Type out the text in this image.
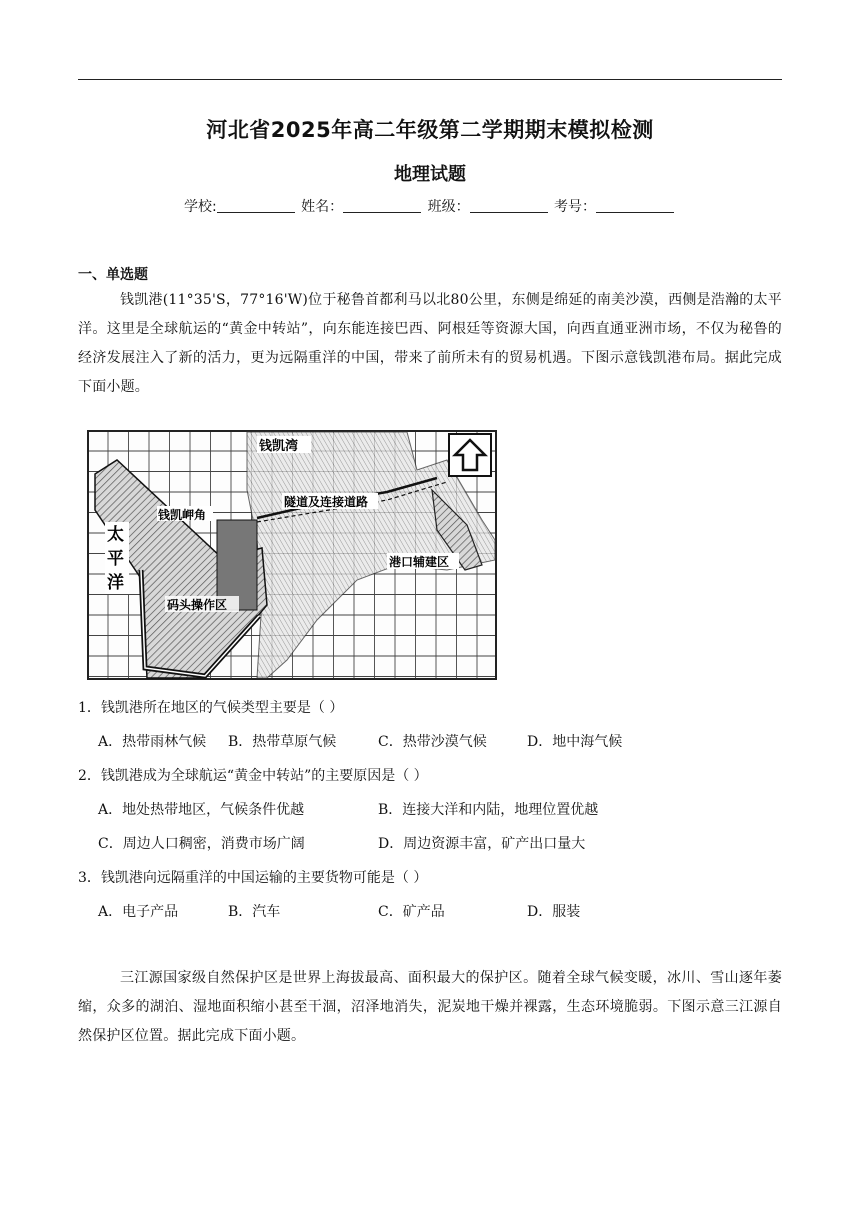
河北省2025年高二年级第二学期期末模拟检测
地理试题
学校:	姓名：	班级：	考号：
一、单选题
钱凯港(11°35'S，77°16'W)位于秘鲁首都利马以北80公里，东侧是绵延的南美沙漠，西侧是浩瀚的太平洋。这里是全球航运的“黄金中转站”，向东能连接巴西、阿根廷等资源大国，向西直通亚洲市场，不仅为秘鲁的经济发展注入了新的活力，更为远隔重洋的中国，带来了前所未有的贸易机遇。下图示意钱凯港布局。据此完成下面小题。
钱凯湾
钱凯岬角
隧道及连接道路
港口辅建区
太
平
洋
码头操作区
1．钱凯港所在地区的气候类型主要是（ ）
A．热带雨林气候 B．热带草原气候	C．热带沙漠气候	D．地中海气候
2．钱凯港成为全球航运“黄金中转站”的主要原因是（ ）
A．地处热带地区，气候条件优越	B．连接大洋和内陆，地理位置优越
C．周边人口稠密，消费市场广阔	D．周边资源丰富，矿产出口量大
3．钱凯港向远隔重洋的中国运输的主要货物可能是（ ）
A．电子产品	B．汽车	C．矿产品	D．服装
三江源国家级自然保护区是世界上海拔最高、面积最大的保护区。随着全球气候变暖，冰川、雪山逐年萎缩，众多的湖泊、湿地面积缩小甚至干涸，沼泽地消失，泥炭地干燥并裸露，生态环境脆弱。下图示意三江源自然保护区位置。据此完成下面小题。
